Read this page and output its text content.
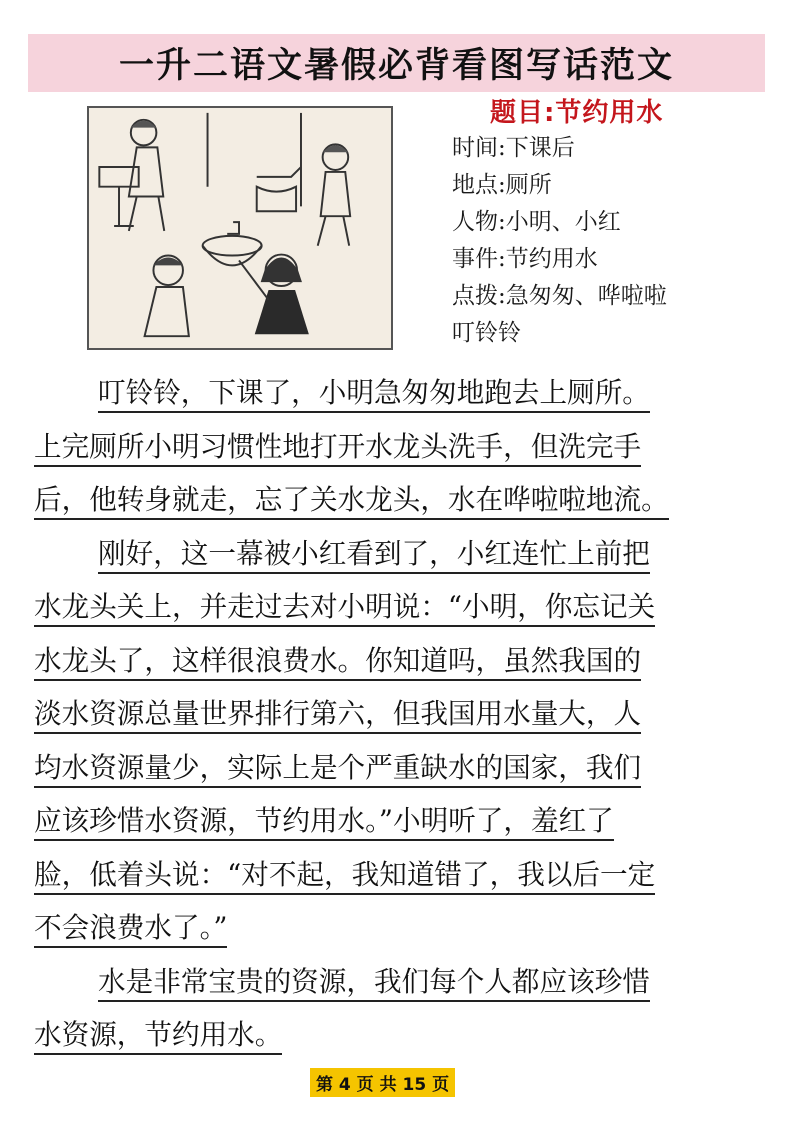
一升二语文暑假必背看图写话范文
题目:节约用水
时间:下课后
地点:厕所
人物:小明、小红
事件:节约用水
点拨:急匆匆、哗啦啦
叮铃铃
叮铃铃，下课了，小明急匆匆地跑去上厕所。
上完厕所小明习惯性地打开水龙头洗手，但洗完手
后，他转身就走，忘了关水龙头，水在哗啦啦地流。
刚好，这一幕被小红看到了，小红连忙上前把
水龙头关上，并走过去对小明说：“小明，你忘记关
水龙头了，这样很浪费水。你知道吗，虽然我国的
淡水资源总量世界排行第六，但我国用水量大，人
均水资源量少，实际上是个严重缺水的国家，我们
应该珍惜水资源，节约用水。”小明听了，羞红了
脸，低着头说：“对不起，我知道错了，我以后一定
不会浪费水了。”
水是非常宝贵的资源，我们每个人都应该珍惜
水资源，节约用水。
第 4 页 共 15 页
